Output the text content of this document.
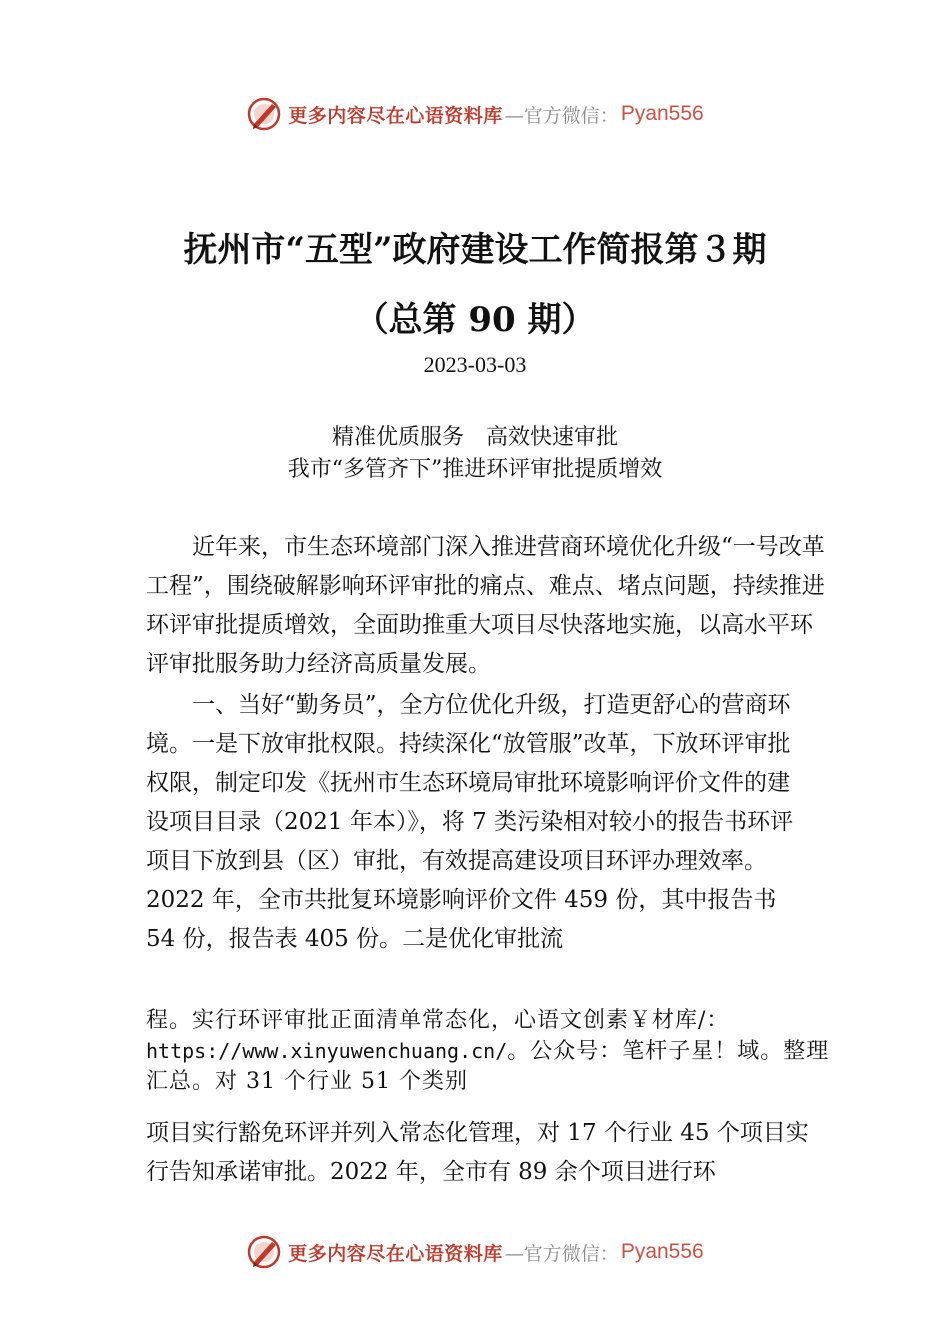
更多内容尽在心语资料库 —官方微信： Pyan556
抚州市“五型”政府建设工作简报第３期
（总第 90 期）
2023-03-03
精准优质服务　高效快速审批
我市“多管齐下”推进环评审批提质增效
近年来，市生态环境部门深入推进营商环境优化升级“一号改革工程”，围绕破解影响环评审批的痛点、难点、堵点问题，持续推进环评审批提质增效，全面助推重大项目尽快落地实施，以高水平环评审批服务助力经济高质量发展。
一、当好“勤务员”，全方位优化升级，打造更舒心的营商环境。一是下放审批权限。持续深化“放管服”改革，下放环评审批权限，制定印发《抚州市生态环境局审批环境影响评价文件的建设项目目录（2021 年本）》，将 7 类污染相对较小的报告书环评项目下放到县（区）审批，有效提高建设项目环评办理效率。2022 年，全市共批复环境影响评价文件 459 份，其中报告书 54 份，报告表 405 份。二是优化审批流
程。实行环评审批正面清单常态化，心语文创素￥材库/：https://www.xinyuwenchuang.cn/。公众号：笔杆子星！域。整理汇总。对 31 个行业 51 个类别
项目实行豁免环评并列入常态化管理，对 17 个行业 45 个项目实行告知承诺审批。2022 年，全市有 89 余个项目进行环
更多内容尽在心语资料库 —官方微信： Pyan556
